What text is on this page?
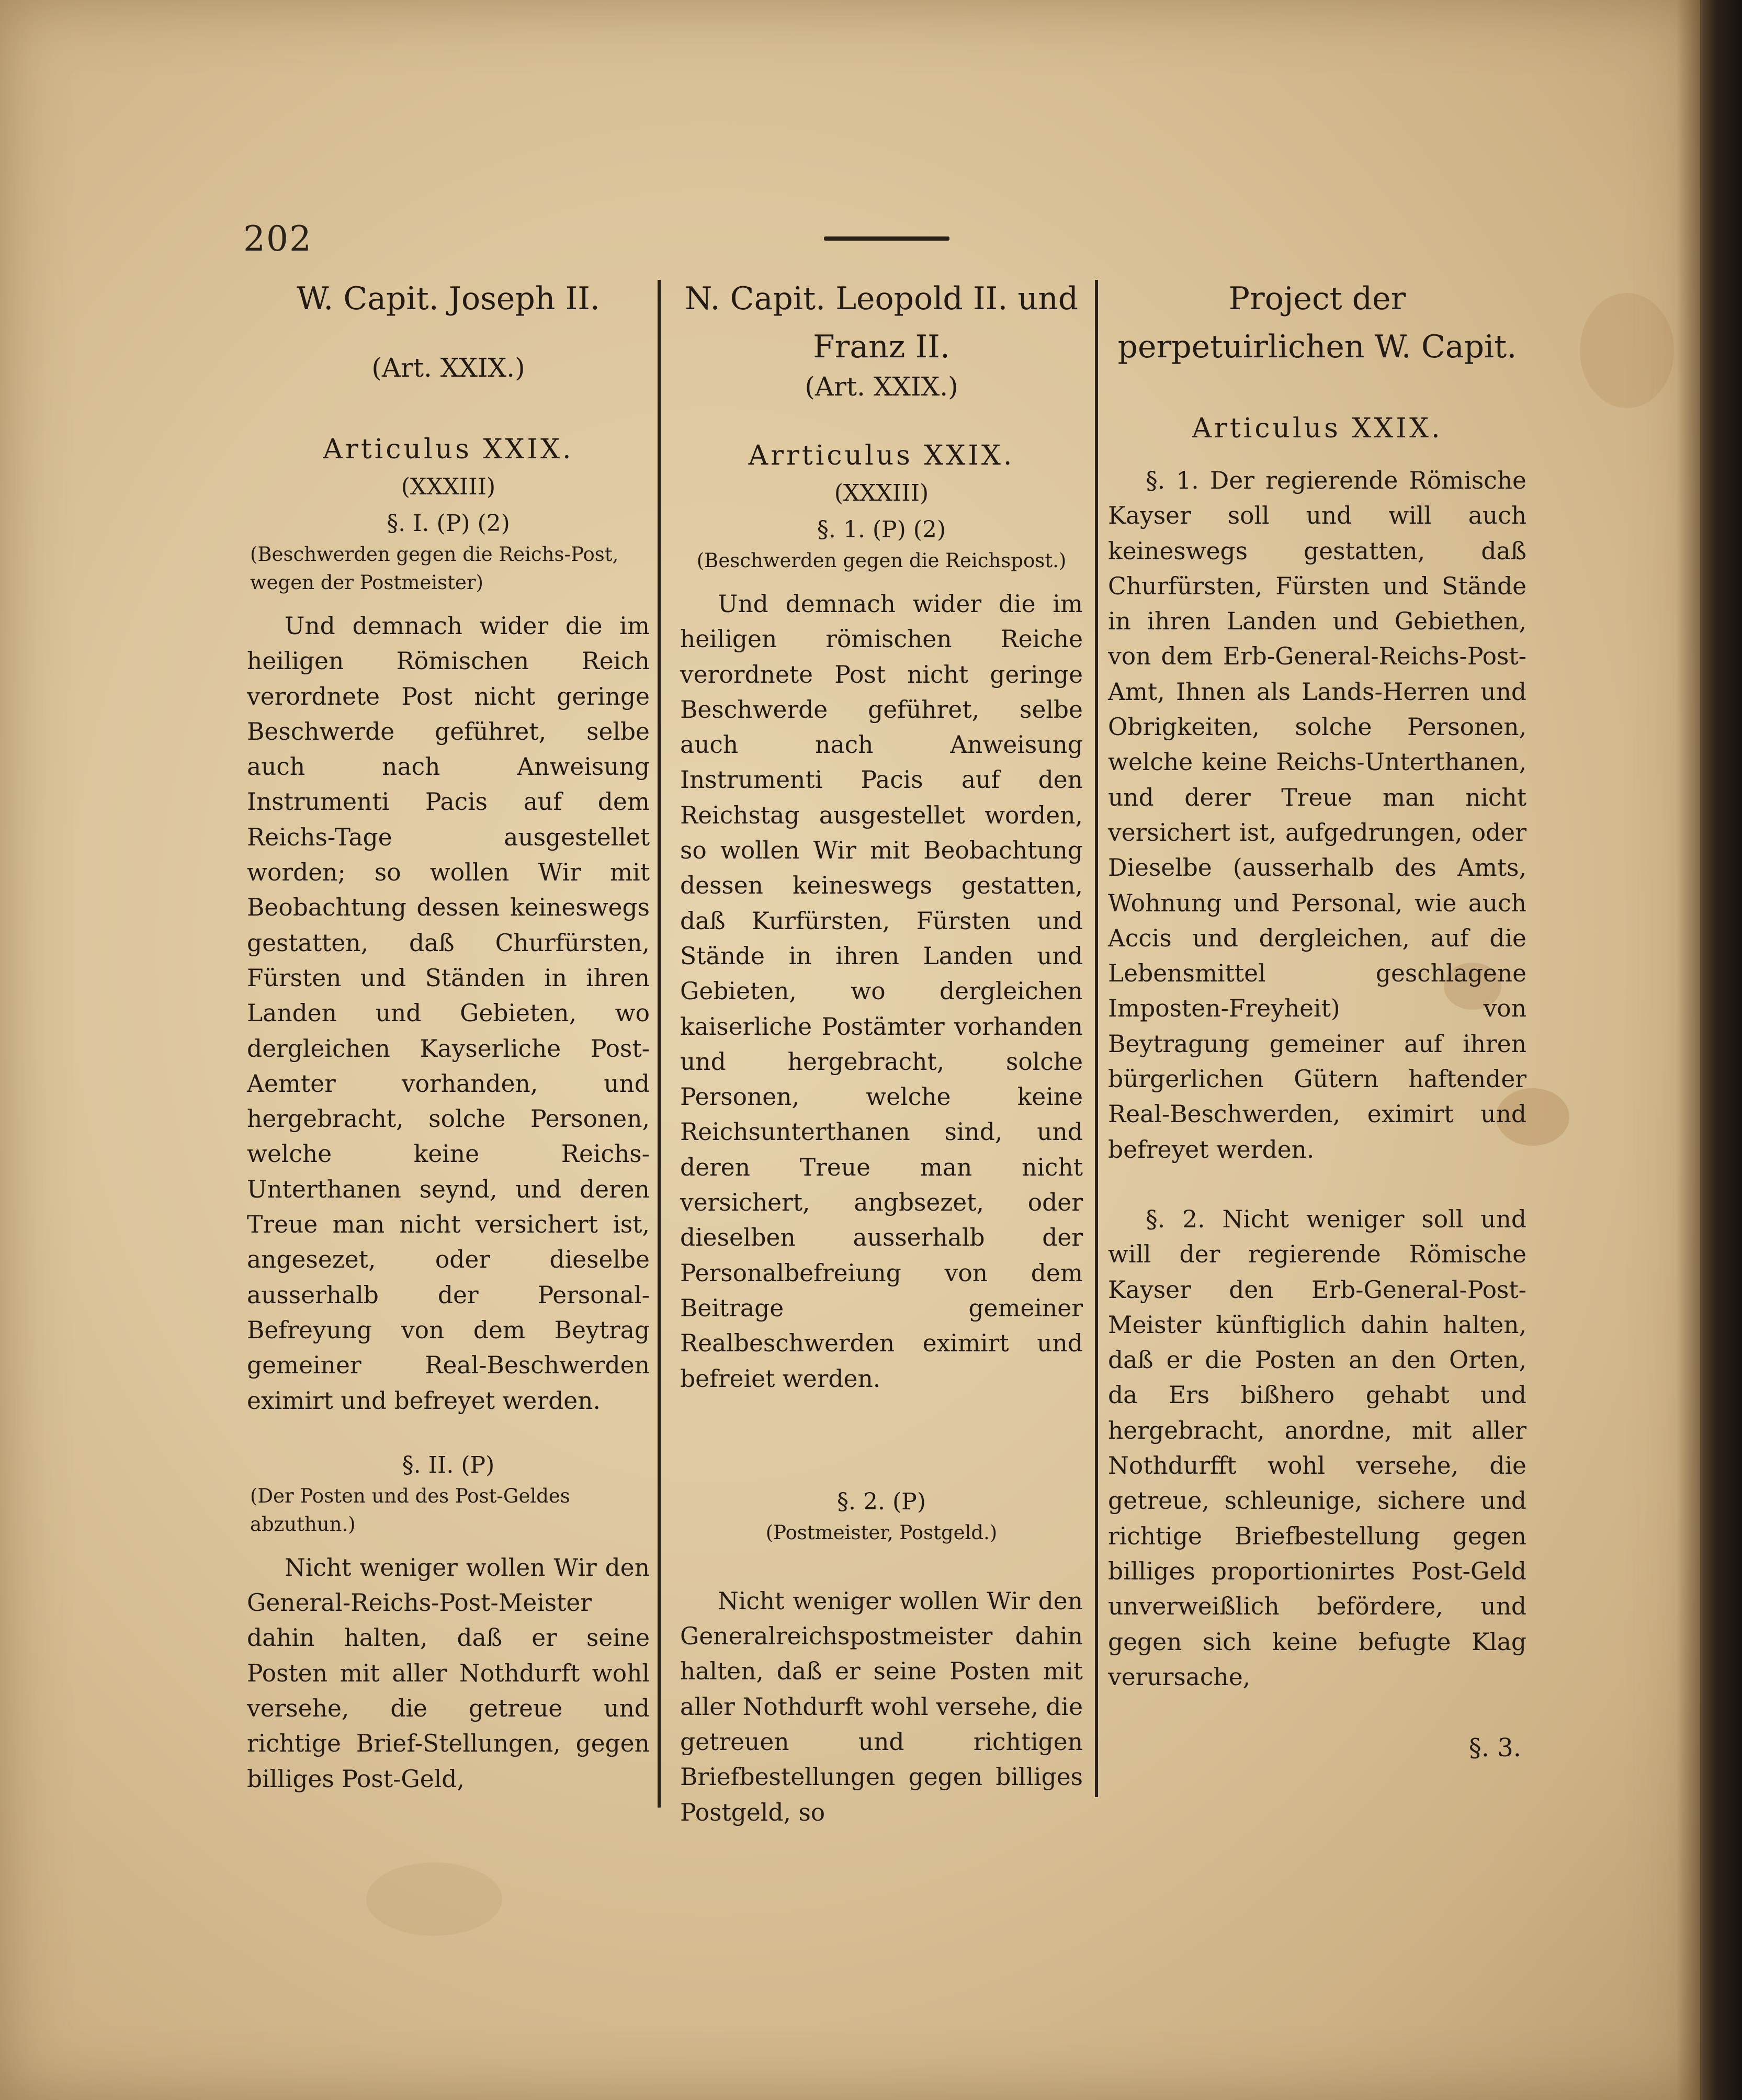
202
W. Capit. Joseph II.
(Art. XXIX.)
Articulus XXIX.
(XXXIII)
§. I. (P) (2)
(Beschwerden gegen die Reichs-Post, wegen der Postmeister)
Und demnach wider die im heiligen Römischen Reich verordnete Post nicht geringe Beschwerde geführet, selbe auch nach Anweisung Instrumenti Pacis auf dem Reichs-Tage ausgestellet worden; so wollen Wir mit Beobachtung dessen keineswegs gestatten, daß Churfürsten, Fürsten und Ständen in ihren Landen und Gebieten, wo dergleichen Kayserliche Post-Aemter vorhanden, und hergebracht, solche Personen, welche keine Reichs-Unterthanen seynd, und deren Treue man nicht versichert ist, angesezet, oder dieselbe ausserhalb der Personal-Befreyung von dem Beytrag gemeiner Real-Beschwerden eximirt und befreyet werden.
§. II. (P)
(Der Posten und des Post-Geldes abzuthun.)
Nicht weniger wollen Wir den General-Reichs-Post-Meister dahin halten, daß er seine Posten mit aller Nothdurft wohl versehe, die getreue und richtige Brief-Stellungen, gegen billiges Post-Geld,
N. Capit. Leopold II. und Franz II.
(Art. XXIX.)
Arrticulus XXIX.
(XXXIII)
§. 1. (P) (2)
(Beschwerden gegen die Reichspost.)
Und demnach wider die im heiligen römischen Reiche verordnete Post nicht geringe Beschwerde geführet, selbe auch nach Anweisung Instrumenti Pacis auf den Reichstag ausgestellet worden, so wollen Wir mit Beobachtung dessen keineswegs gestatten, daß Kurfürsten, Fürsten und Stände in ihren Landen und Gebieten, wo dergleichen kaiserliche Postämter vorhanden und hergebracht, solche Personen, welche keine Reichsunterthanen sind, und deren Treue man nicht versichert, angbsezet, oder dieselben ausserhalb der Personalbefreiung von dem Beitrage gemeiner Realbeschwerden eximirt und befreiet werden.
§. 2. (P)
(Postmeister, Postgeld.)
Nicht weniger wollen Wir den Generalreichspostmeister dahin halten, daß er seine Posten mit aller Nothdurft wohl versehe, die getreuen und richtigen Briefbestellungen gegen billiges Postgeld, so
Project der perpetuirlichen W. Capit.
Articulus XXIX.
§. 1. Der regierende Römische Kayser soll und will auch keineswegs gestatten, daß Churfürsten, Fürsten und Stände in ihren Landen und Gebiethen, von dem Erb-General-Reichs-Post-Amt, Ihnen als Lands-Herren und Obrigkeiten, solche Personen, welche keine Reichs-Unterthanen, und derer Treue man nicht versichert ist, aufgedrungen, oder Dieselbe (ausserhalb des Amts, Wohnung und Personal, wie auch Accis und dergleichen, auf die Lebensmittel geschlagene Imposten-Freyheit) von Beytragung gemeiner auf ihren bürgerlichen Gütern haftender Real-Beschwerden, eximirt und befreyet werden.
§. 2. Nicht weniger soll und will der regierende Römische Kayser den Erb-General-Post-Meister künftiglich dahin halten, daß er die Posten an den Orten, da Ers bißhero gehabt und hergebracht, anordne, mit aller Nothdurfft wohl versehe, die getreue, schleunige, sichere und richtige Briefbestellung gegen billiges proportionirtes Post-Geld unverweißlich befördere, und gegen sich keine befugte Klag verursache,
§. 3.
